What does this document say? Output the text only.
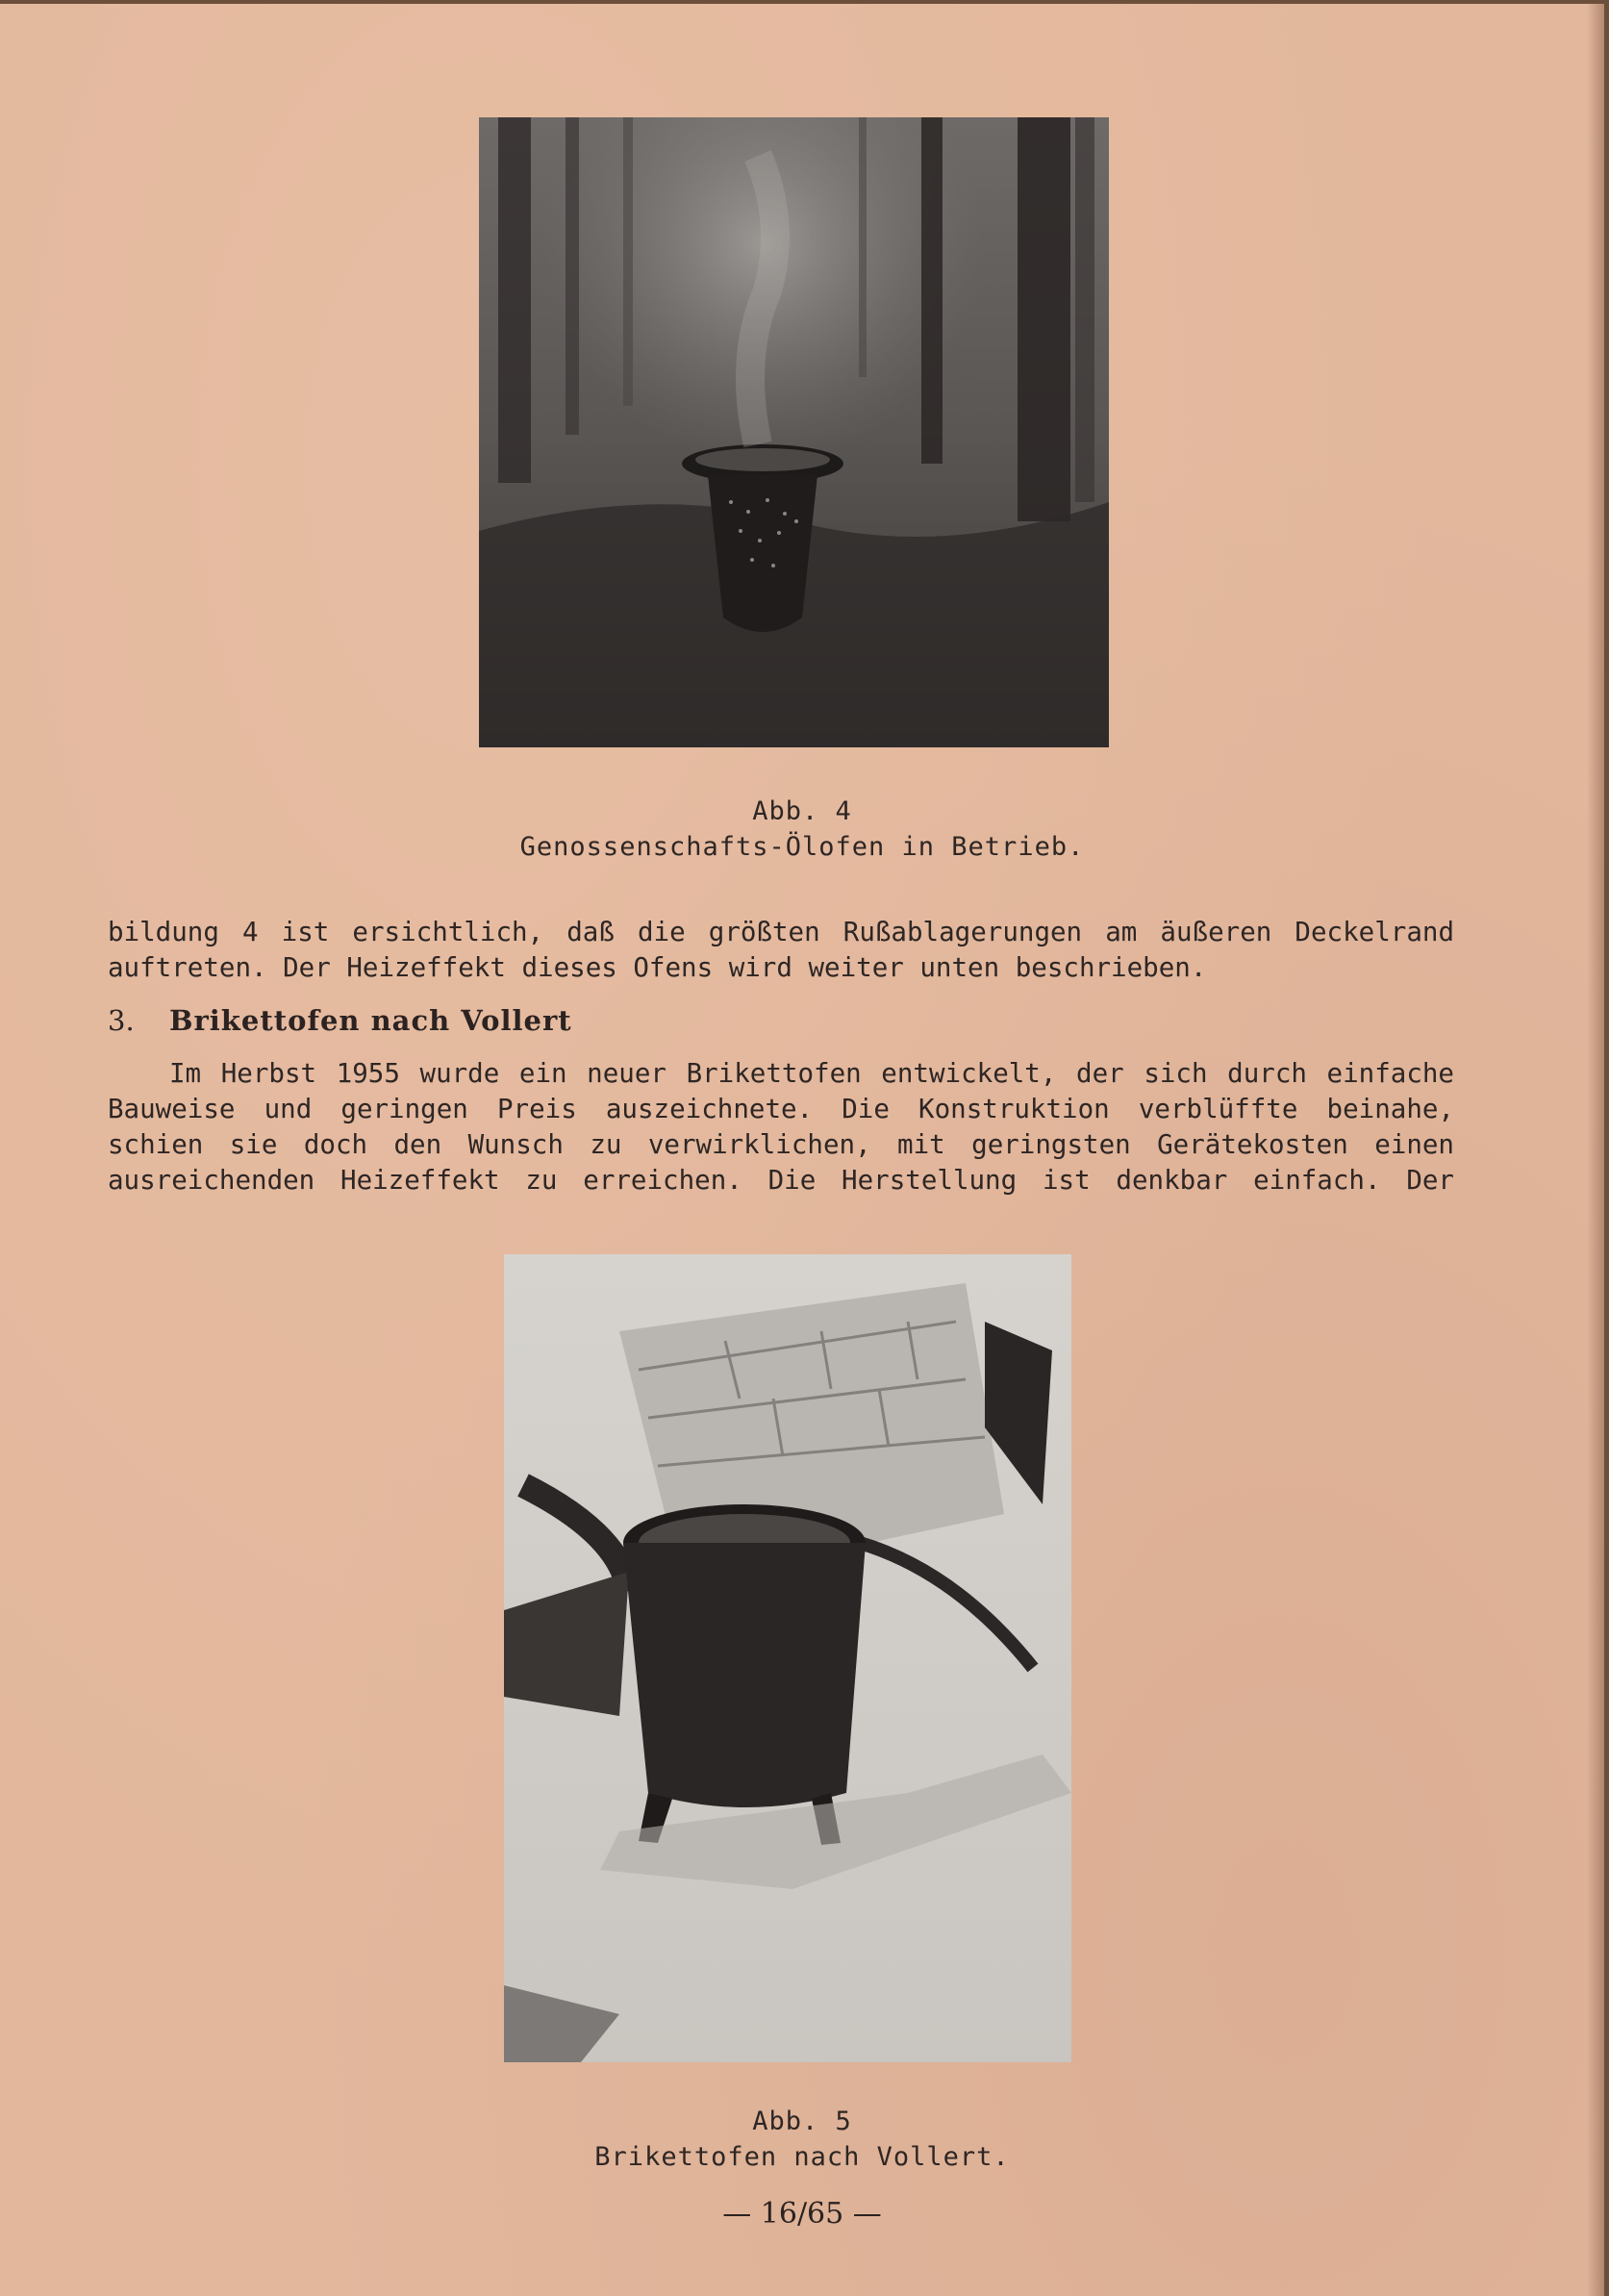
Abb. 4
Genossenschafts-Ölofen in Betrieb.
bildung 4 ist ersichtlich, daß die größten Rußablagerungen am äußeren Deckelrand
auftreten. Der Heizeffekt dieses Ofens wird weiter unten beschrieben.
3. Brikettofen nach Vollert
Im Herbst 1955 wurde ein neuer Brikettofen entwickelt, der sich durch einfache
Bauweise und geringen Preis auszeichnete. Die Konstruktion verblüffte beinahe,
schien sie doch den Wunsch zu verwirklichen, mit geringsten Gerätekosten einen
ausreichenden Heizeffekt zu erreichen. Die Herstellung ist denkbar einfach. Der
Abb. 5
Brikettofen nach Vollert.
— 16/65 —
